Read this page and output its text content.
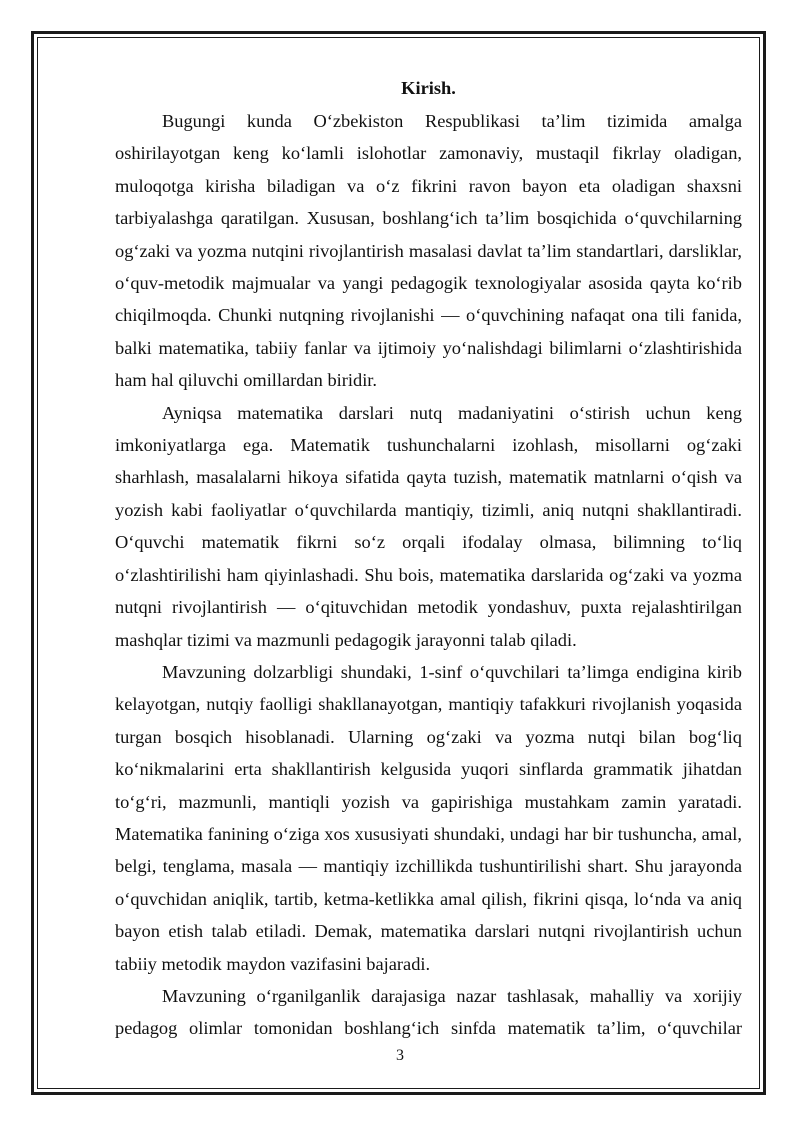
Kirish.

Bugungi kunda O‘zbekiston Respublikasi ta’lim tizimida amalga oshirilayotgan keng ko‘lamli islohotlar zamonaviy, mustaqil fikrlay oladigan, muloqotga kirisha biladigan va o‘z fikrini ravon bayon eta oladigan shaxsni tarbiyalashga qaratilgan. Xususan, boshlang‘ich ta’lim bosqichida o‘quvchilarning og‘zaki va yozma nutqini rivojlantirish masalasi davlat ta’lim standartlari, darsliklar, o‘quv-metodik majmualar va yangi pedagogik texnologiyalar asosida qayta ko‘rib chiqilmoqda. Chunki nutqning rivojlanishi — o‘quvchining nafaqat ona tili fanida, balki matematika, tabiiy fanlar va ijtimoiy yo‘nalishdagi bilimlarni o‘zlashtirishida ham hal qiluvchi omillardan biridir.

Ayniqsa matematika darslari nutq madaniyatini o‘stirish uchun keng imkoniyatlarga ega. Matematik tushunchalarni izohlash, misollarni og‘zaki sharhlash, masalalarni hikoya sifatida qayta tuzish, matematik matnlarni o‘qish va yozish kabi faoliyatlar o‘quvchilarda mantiqiy, tizimli, aniq nutqni shakllantiradi. O‘quvchi matematik fikrni so‘z orqali ifodalay olmasa, bilimning to‘liq o‘zlashtirilishi ham qiyinlashadi. Shu bois, matematika darslarida og‘zaki va yozma nutqni rivojlantirish — o‘qituvchidan metodik yondashuv, puxta rejalashtirilgan mashqlar tizimi va mazmunli pedagogik jarayonni talab qiladi.

Mavzuning dolzarbligi shundaki, 1-sinf o‘quvchilari ta’limga endigina kirib kelayotgan, nutqiy faolligi shakllanayotgan, mantiqiy tafakkuri rivojlanish yoqasida turgan bosqich hisoblanadi. Ularning og‘zaki va yozma nutqi bilan bog‘liq ko‘nikmalarini erta shakllantirish kelgusida yuqori sinflarda grammatik jihatdan to‘g‘ri, mazmunli, mantiqli yozish va gapirishiga mustahkam zamin yaratadi. Matematika fanining o‘ziga xos xususiyati shundaki, undagi har bir tushuncha, amal, belgi, tenglama, masala — mantiqiy izchillikda tushuntirilishi shart. Shu jarayonda o‘quvchidan aniqlik, tartib, ketma-ketlikka amal qilish, fikrini qisqa, lo‘nda va aniq bayon etish talab etiladi. Demak, matematika darslari nutqni rivojlantirish uchun tabiiy metodik maydon vazifasini bajaradi.

Mavzuning o‘rganilganlik darajasiga nazar tashlasak, mahalliy va xorijiy pedagog olimlar tomonidan boshlang‘ich sinfda matematik ta’lim, o‘quvchilar

3
